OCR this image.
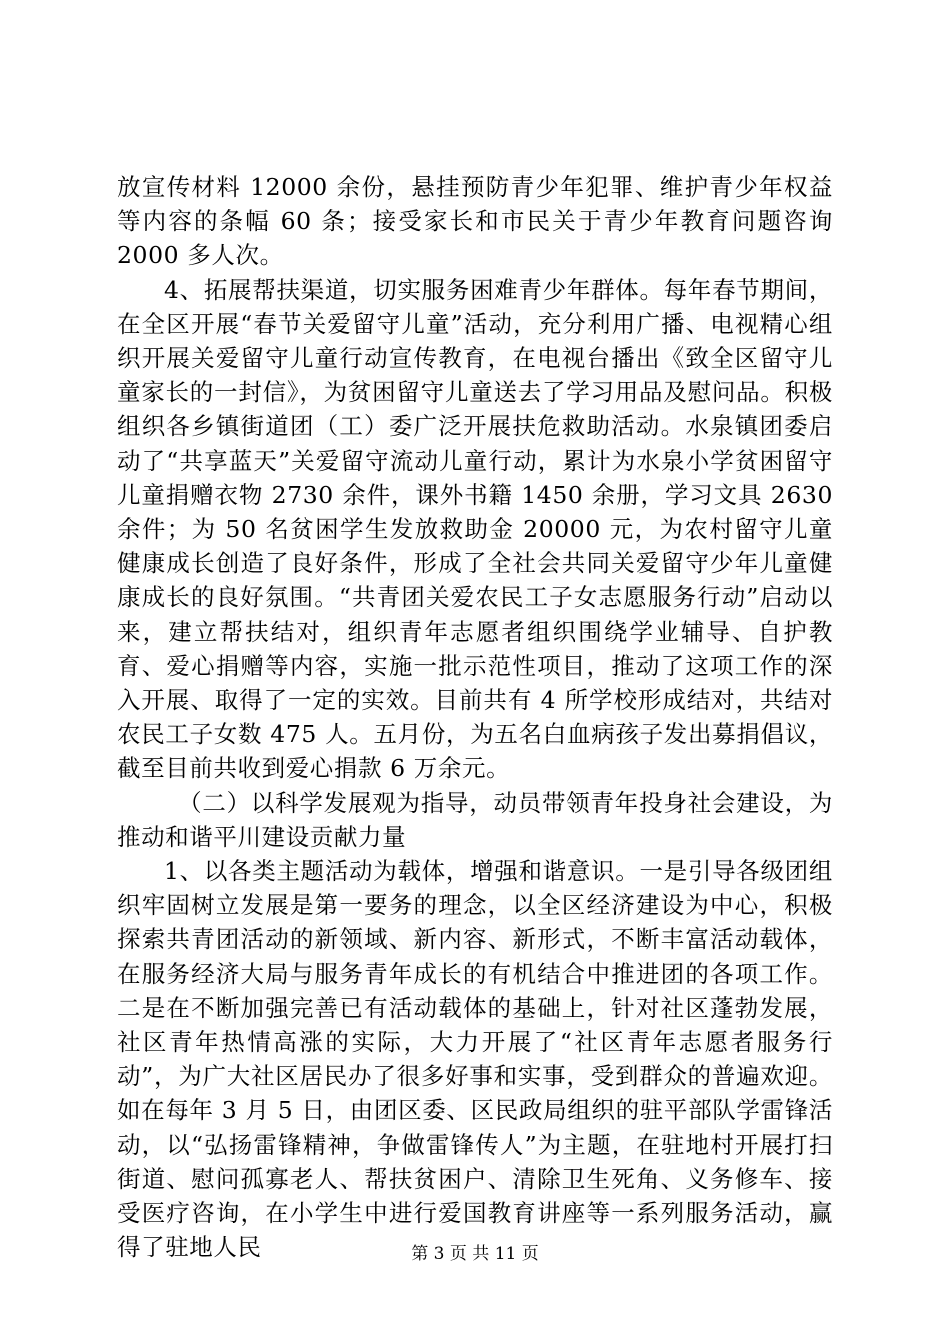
放宣传材料 12000 余份，悬挂预防青少年犯罪、维护青少年权益等内容的条幅 60 条；接受家长和市民关于青少年教育问题咨询 2000 多人次。

4、拓展帮扶渠道，切实服务困难青少年群体。每年春节期间，在全区开展“春节关爱留守儿童”活动，充分利用广播、电视精心组织开展关爱留守儿童行动宣传教育，在电视台播出《致全区留守儿童家长的一封信》，为贫困留守儿童送去了学习用品及慰问品。积极组织各乡镇街道团（工）委广泛开展扶危救助活动。水泉镇团委启动了“共享蓝天”关爱留守流动儿童行动，累计为水泉小学贫困留守儿童捐赠衣物 2730 余件，课外书籍 1450 余册，学习文具 2630 余件；为 50 名贫困学生发放救助金 20000 元，为农村留守儿童健康成长创造了良好条件，形成了全社会共同关爱留守少年儿童健康成长的良好氛围。“共青团关爱农民工子女志愿服务行动”启动以来，建立帮扶结对，组织青年志愿者组织围绕学业辅导、自护教育、爱心捐赠等内容，实施一批示范性项目，推动了这项工作的深入开展、取得了一定的实效。目前共有 4 所学校形成结对，共结对农民工子女数 475 人。五月份，为五名白血病孩子发出募捐倡议，截至目前共收到爱心捐款 6 万余元。

（二）以科学发展观为指导，动员带领青年投身社会建设，为推动和谐平川建设贡献力量

1、以各类主题活动为载体，增强和谐意识。一是引导各级团组织牢固树立发展是第一要务的理念，以全区经济建设为中心，积极探索共青团活动的新领域、新内容、新形式，不断丰富活动载体，在服务经济大局与服务青年成长的有机结合中推进团的各项工作。二是在不断加强完善已有活动载体的基础上，针对社区蓬勃发展，社区青年热情高涨的实际，大力开展了“社区青年志愿者服务行动”，为广大社区居民办了很多好事和实事，受到群众的普遍欢迎。如在每年 3 月 5 日，由团区委、区民政局组织的驻平部队学雷锋活动，以“弘扬雷锋精神，争做雷锋传人”为主题，在驻地村开展打扫街道、慰问孤寡老人、帮扶贫困户、清除卫生死角、义务修车、接受医疗咨询，在小学生中进行爱国教育讲座等一系列服务活动，赢得了驻地人民	第 3 页 共 11 页
